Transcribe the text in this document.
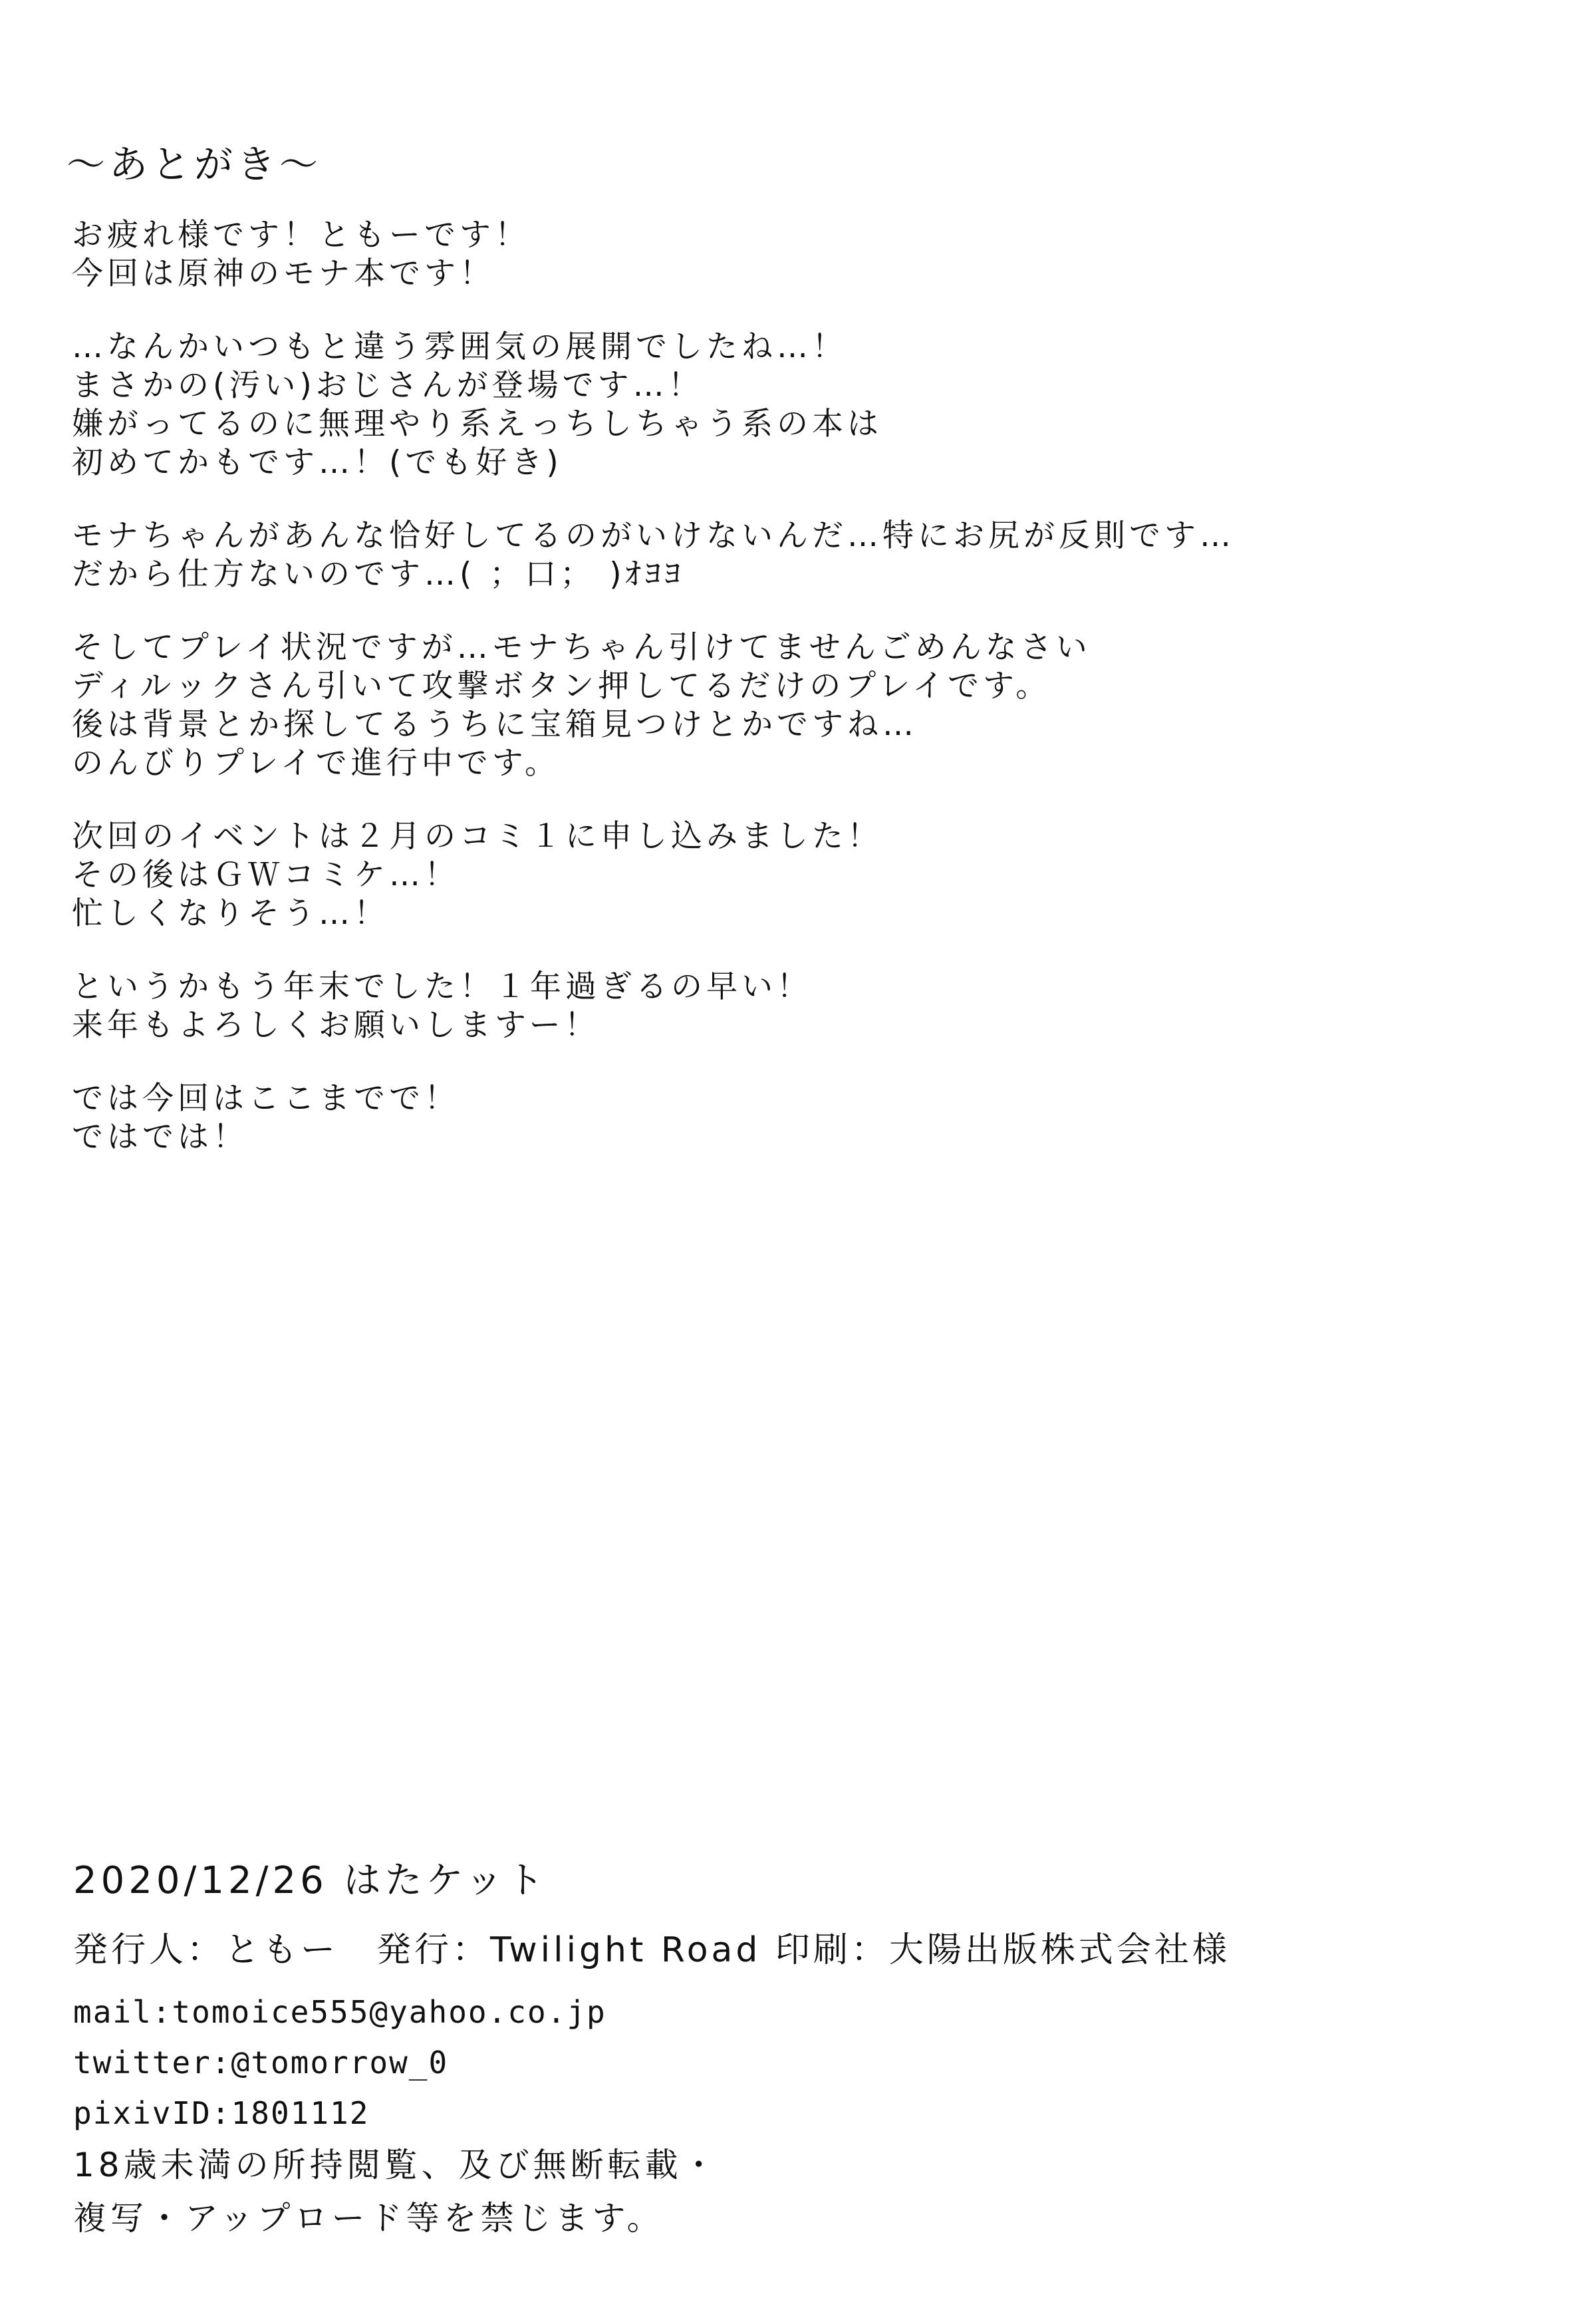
～あとがき～
お疲れ様です！ともーです！
今回は原神のモナ本です！
…なんかいつもと違う雰囲気の展開でしたね…！
まさかの(汚い)おじさんが登場です…！
嫌がってるのに無理やり系えっちしちゃう系の本は
初めてかもです…！(でも好き)
モナちゃんがあんな恰好してるのがいけないんだ…特にお尻が反則です…
だから仕方ないのです…( ；口； )ｵﾖﾖ
そしてプレイ状況ですが…モナちゃん引けてませんごめんなさい
ディルックさん引いて攻撃ボタン押してるだけのプレイです。
後は背景とか探してるうちに宝箱見つけとかですね…
のんびりプレイで進行中です。
次回のイベントは２月のコミ１に申し込みました！
その後はＧＷコミケ…！
忙しくなりそう…！
というかもう年末でした！１年過ぎるの早い！
来年もよろしくお願いしますー！
では今回はここまでで！
ではでは！
2020/12/26 はたケット
発行人：ともー　発行：Twilight Road 印刷：大陽出版株式会社様
mail:tomoice555@yahoo.co.jp
twitter:@tomorrow_0
pixivID:1801112
18歳未満の所持閲覧、及び無断転載・
複写・アップロード等を禁じます。
